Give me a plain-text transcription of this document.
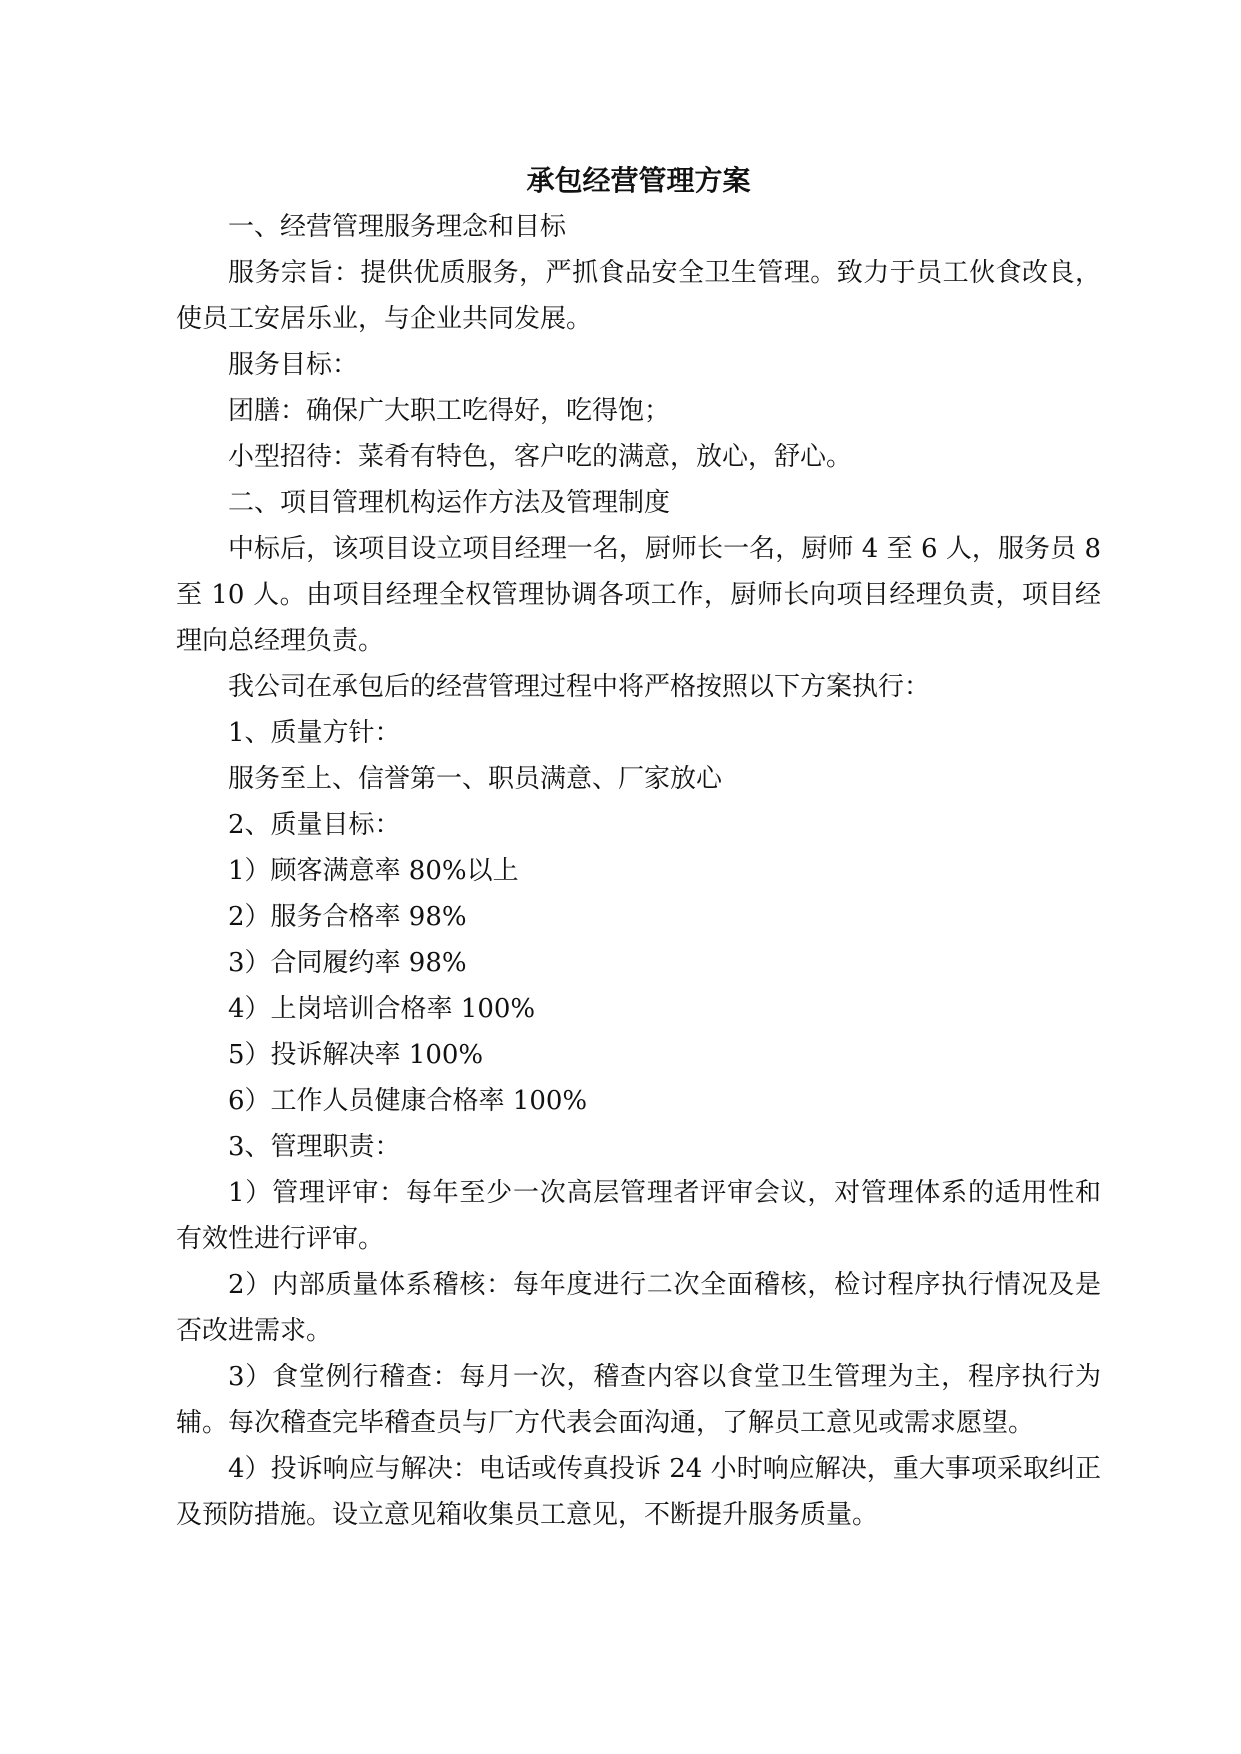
承包经营管理方案

一、经营管理服务理念和目标

服务宗旨：提供优质服务，严抓食品安全卫生管理。致力于员工伙食改良，使员工安居乐业，与企业共同发展。

服务目标：

团膳：确保广大职工吃得好，吃得饱；

小型招待：菜肴有特色，客户吃的满意，放心，舒心。

二、项目管理机构运作方法及管理制度

中标后，该项目设立项目经理一名，厨师长一名，厨师 4 至 6 人，服务员 8 至 10 人。由项目经理全权管理协调各项工作，厨师长向项目经理负责，项目经理向总经理负责。

我公司在承包后的经营管理过程中将严格按照以下方案执行：

1、质量方针：

服务至上、信誉第一、职员满意、厂家放心

2、质量目标：

1）顾客满意率 80%以上

2）服务合格率 98%

3）合同履约率 98%

4）上岗培训合格率 100%

5）投诉解决率 100%

6）工作人员健康合格率 100%

3、管理职责：

1）管理评审：每年至少一次高层管理者评审会议，对管理体系的适用性和有效性进行评审。

2）内部质量体系稽核：每年度进行二次全面稽核，检讨程序执行情况及是否改进需求。

3）食堂例行稽查：每月一次，稽查内容以食堂卫生管理为主，程序执行为辅。每次稽查完毕稽查员与厂方代表会面沟通，了解员工意见或需求愿望。

4）投诉响应与解决：电话或传真投诉 24 小时响应解决，重大事项采取纠正及预防措施。设立意见箱收集员工意见，不断提升服务质量。
